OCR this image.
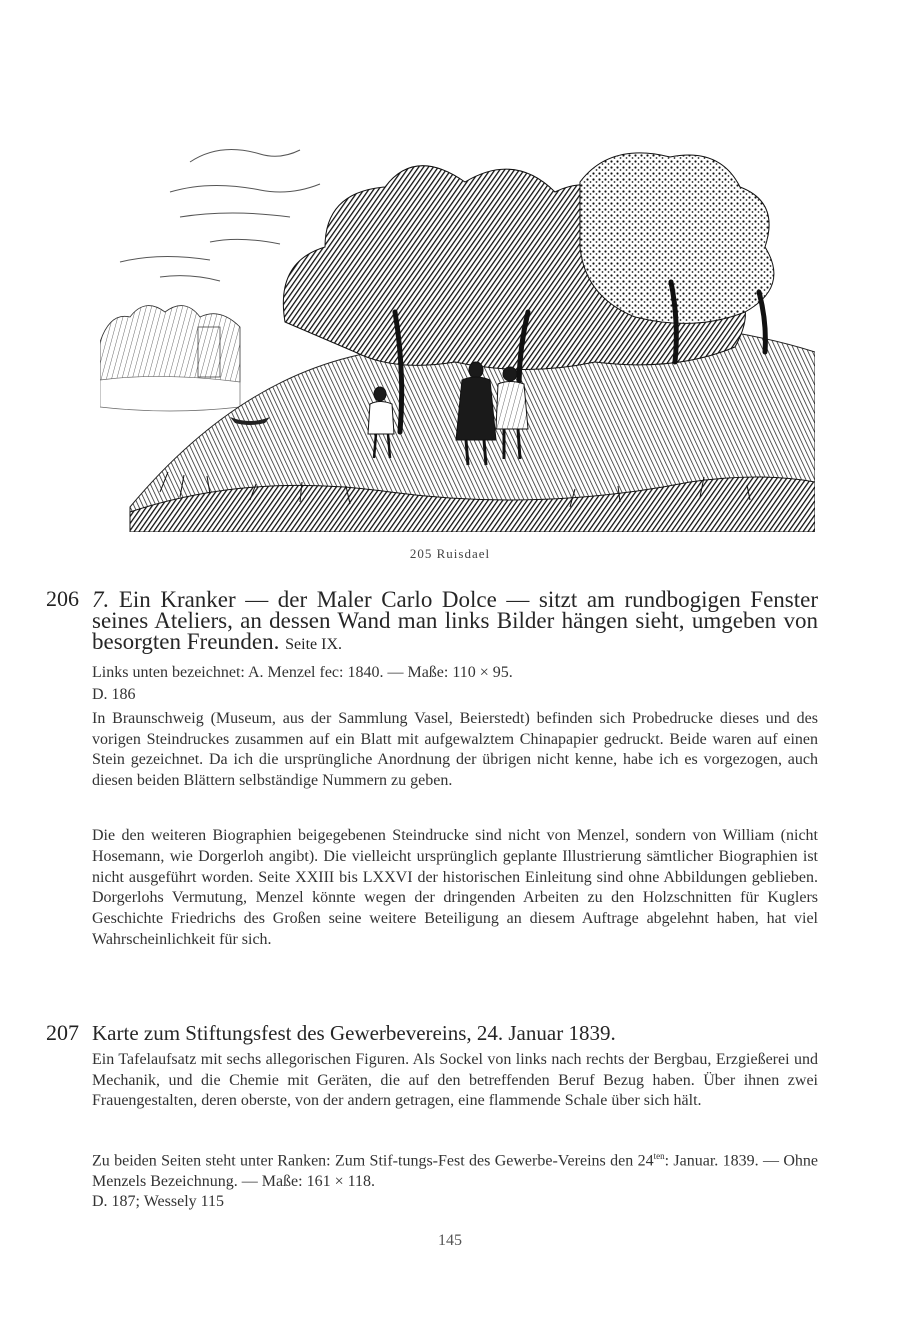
205 Ruisdael
206 7. Ein Kranker — der Maler Carlo Dolce — sitzt am rundbogigen Fenster seines Ateliers, an dessen Wand man links Bilder hängen sieht, umgeben von besorgten Freunden. Seite IX.
Links unten bezeichnet: A. Menzel fec: 1840. — Maße: 110 × 95.
D. 186
In Braunschweig (Museum, aus der Sammlung Vasel, Beierstedt) befinden sich Probedrucke dieses und des vorigen Steindruckes zusammen auf ein Blatt mit aufgewalztem Chinapapier gedruckt. Beide waren auf einen Stein gezeichnet. Da ich die ursprüngliche Anordnung der übrigen nicht kenne, habe ich es vorgezogen, auch diesen beiden Blättern selbständige Nummern zu geben.
Die den weiteren Biographien beigegebenen Steindrucke sind nicht von Menzel, sondern von William (nicht Hosemann, wie Dorgerloh angibt). Die vielleicht ursprünglich geplante Illustrierung sämtlicher Biographien ist nicht ausgeführt worden. Seite XXIII bis LXXVI der historischen Einleitung sind ohne Abbildungen geblieben. Dorgerlohs Vermutung, Menzel könnte wegen der dringenden Arbeiten zu den Holzschnitten für Kuglers Geschichte Friedrichs des Großen seine weitere Beteiligung an diesem Auftrage abgelehnt haben, hat viel Wahrscheinlichkeit für sich.
207 Karte zum Stiftungsfest des Gewerbevereins, 24. Januar 1839.
Ein Tafelaufsatz mit sechs allegorischen Figuren. Als Sockel von links nach rechts der Bergbau, Erzgießerei und Mechanik, und die Chemie mit Geräten, die auf den betreffenden Beruf Bezug haben. Über ihnen zwei Frauengestalten, deren oberste, von der andern getragen, eine flammende Schale über sich hält.
Zu beiden Seiten steht unter Ranken: Zum Stif-tungs-Fest des Gewerbe-Vereins den $24^{ten}$: Januar. 1839. — Ohne Menzels Bezeichnung. — Maße: 161 × 118.
D. 187; Wessely 115
145
